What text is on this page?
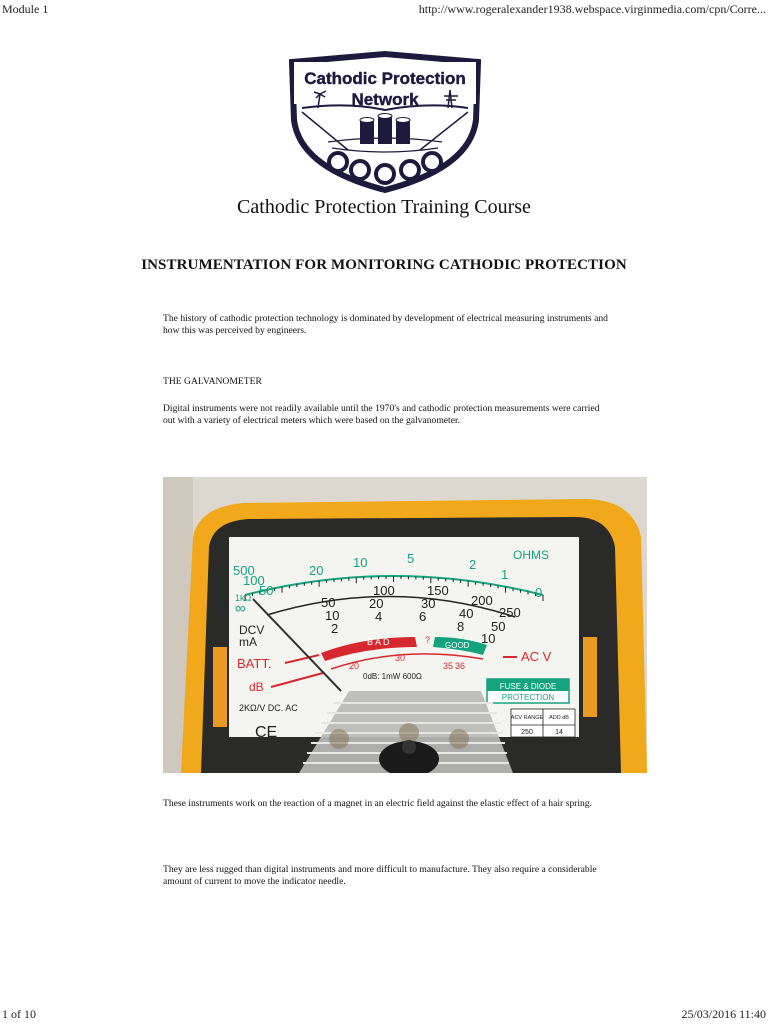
Module 1	http://www.rogeralexander1938.webspace.virginmedia.com/cpn/Corre...
Cathodic Protection
Network
Cathodic Protection Training Course
INSTRUMENTATION FOR MONITORING CATHODIC PROTECTION
The history of cathodic protection technology is dominated by development of electrical measuring instruments and how this was perceived by engineers.
THE GALVANOMETER
Digital instruments were not readily available until the 1970's and cathodic protection measurements were carried out with a variety of electrical meters which were based on the galvanometer.
OHMS
500
100
50
20
10	5	2
1
0
1kΩ
∞
DCV
mA
50
100 150
200
250
10
20	30
40
50
2
4	6
8
10
BAD	?
GOOD
20
30
35 36
0dB: 1mW 600Ω
BATT.
dB
AC V
FUSE & DIODE
PROTECTION
2KΩ/V DC. AC
CE
ACV RANGE ADD dB
250	14
These instruments work on the reaction of a magnet in an electric field against the elastic effect of a hair spring.
They are less rugged than digital instruments and more difficult to manufacture. They also require a considerable amount of current to move the indicator needle.
1 of 10	25/03/2016 11:40
